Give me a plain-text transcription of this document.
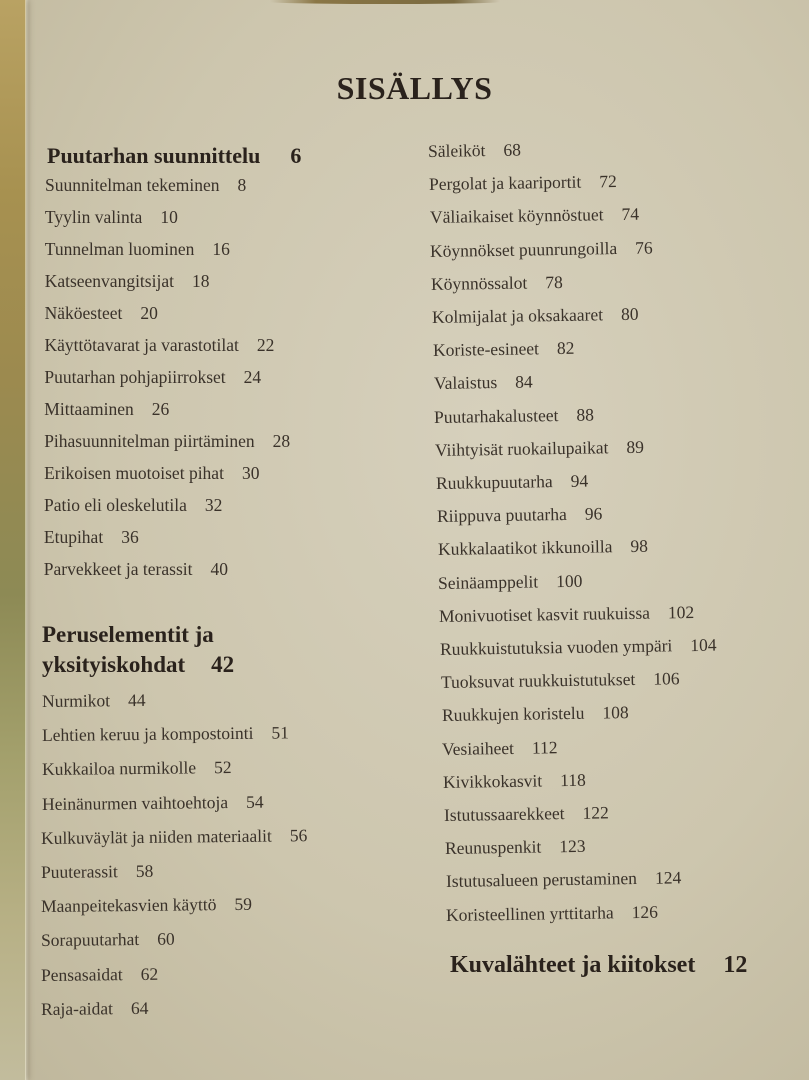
SISÄLLYS
Puutarhan suunnittelu 6
Suunnitelman tekeminen 8
Tyylin valinta 10
Tunnelman luominen 16
Katseenvangitsijat 18
Näköesteet 20
Käyttötavarat ja varastotilat 22
Puutarhan pohjapiirrokset 24
Mittaaminen 26
Pihasuunnitelman piirtäminen 28
Erikoisen muotoiset pihat 30
Patio eli oleskelutila 32
Etupihat 36
Parvekkeet ja terassit 40
Peruselementit ja
yksityiskohdat 42
Nurmikot 44
Lehtien keruu ja kompostointi 51
Kukkailoa nurmikolle 52
Heinänurmen vaihtoehtoja 54
Kulkuväylät ja niiden materiaalit 56
Puuterassit 58
Maanpeitekasvien käyttö 59
Sorapuutarhat 60
Pensasaidat 62
Raja-aidat 64
Säleiköt 68
Pergolat ja kaariportit 72
Väliaikaiset köynnöstuet 74
Köynnökset puunrungoilla 76
Köynnössalot 78
Kolmijalat ja oksakaaret 80
Koriste-esineet 82
Valaistus 84
Puutarhakalusteet 88
Viihtyisät ruokailupaikat 89
Ruukkupuutarha 94
Riippuva puutarha 96
Kukkalaatikot ikkunoilla 98
Seinäamppelit 100
Monivuotiset kasvit ruukuissa 102
Ruukkuistutuksia vuoden ympäri 104
Tuoksuvat ruukkuistutukset 106
Ruukkujen koristelu 108
Vesiaiheet 112
Kivikkokasvit 118
Istutussaarekkeet 122
Reunuspenkit 123
Istutusalueen perustaminen 124
Koristeellinen yrttitarha 126
Kuvalähteet ja kiitokset 12
